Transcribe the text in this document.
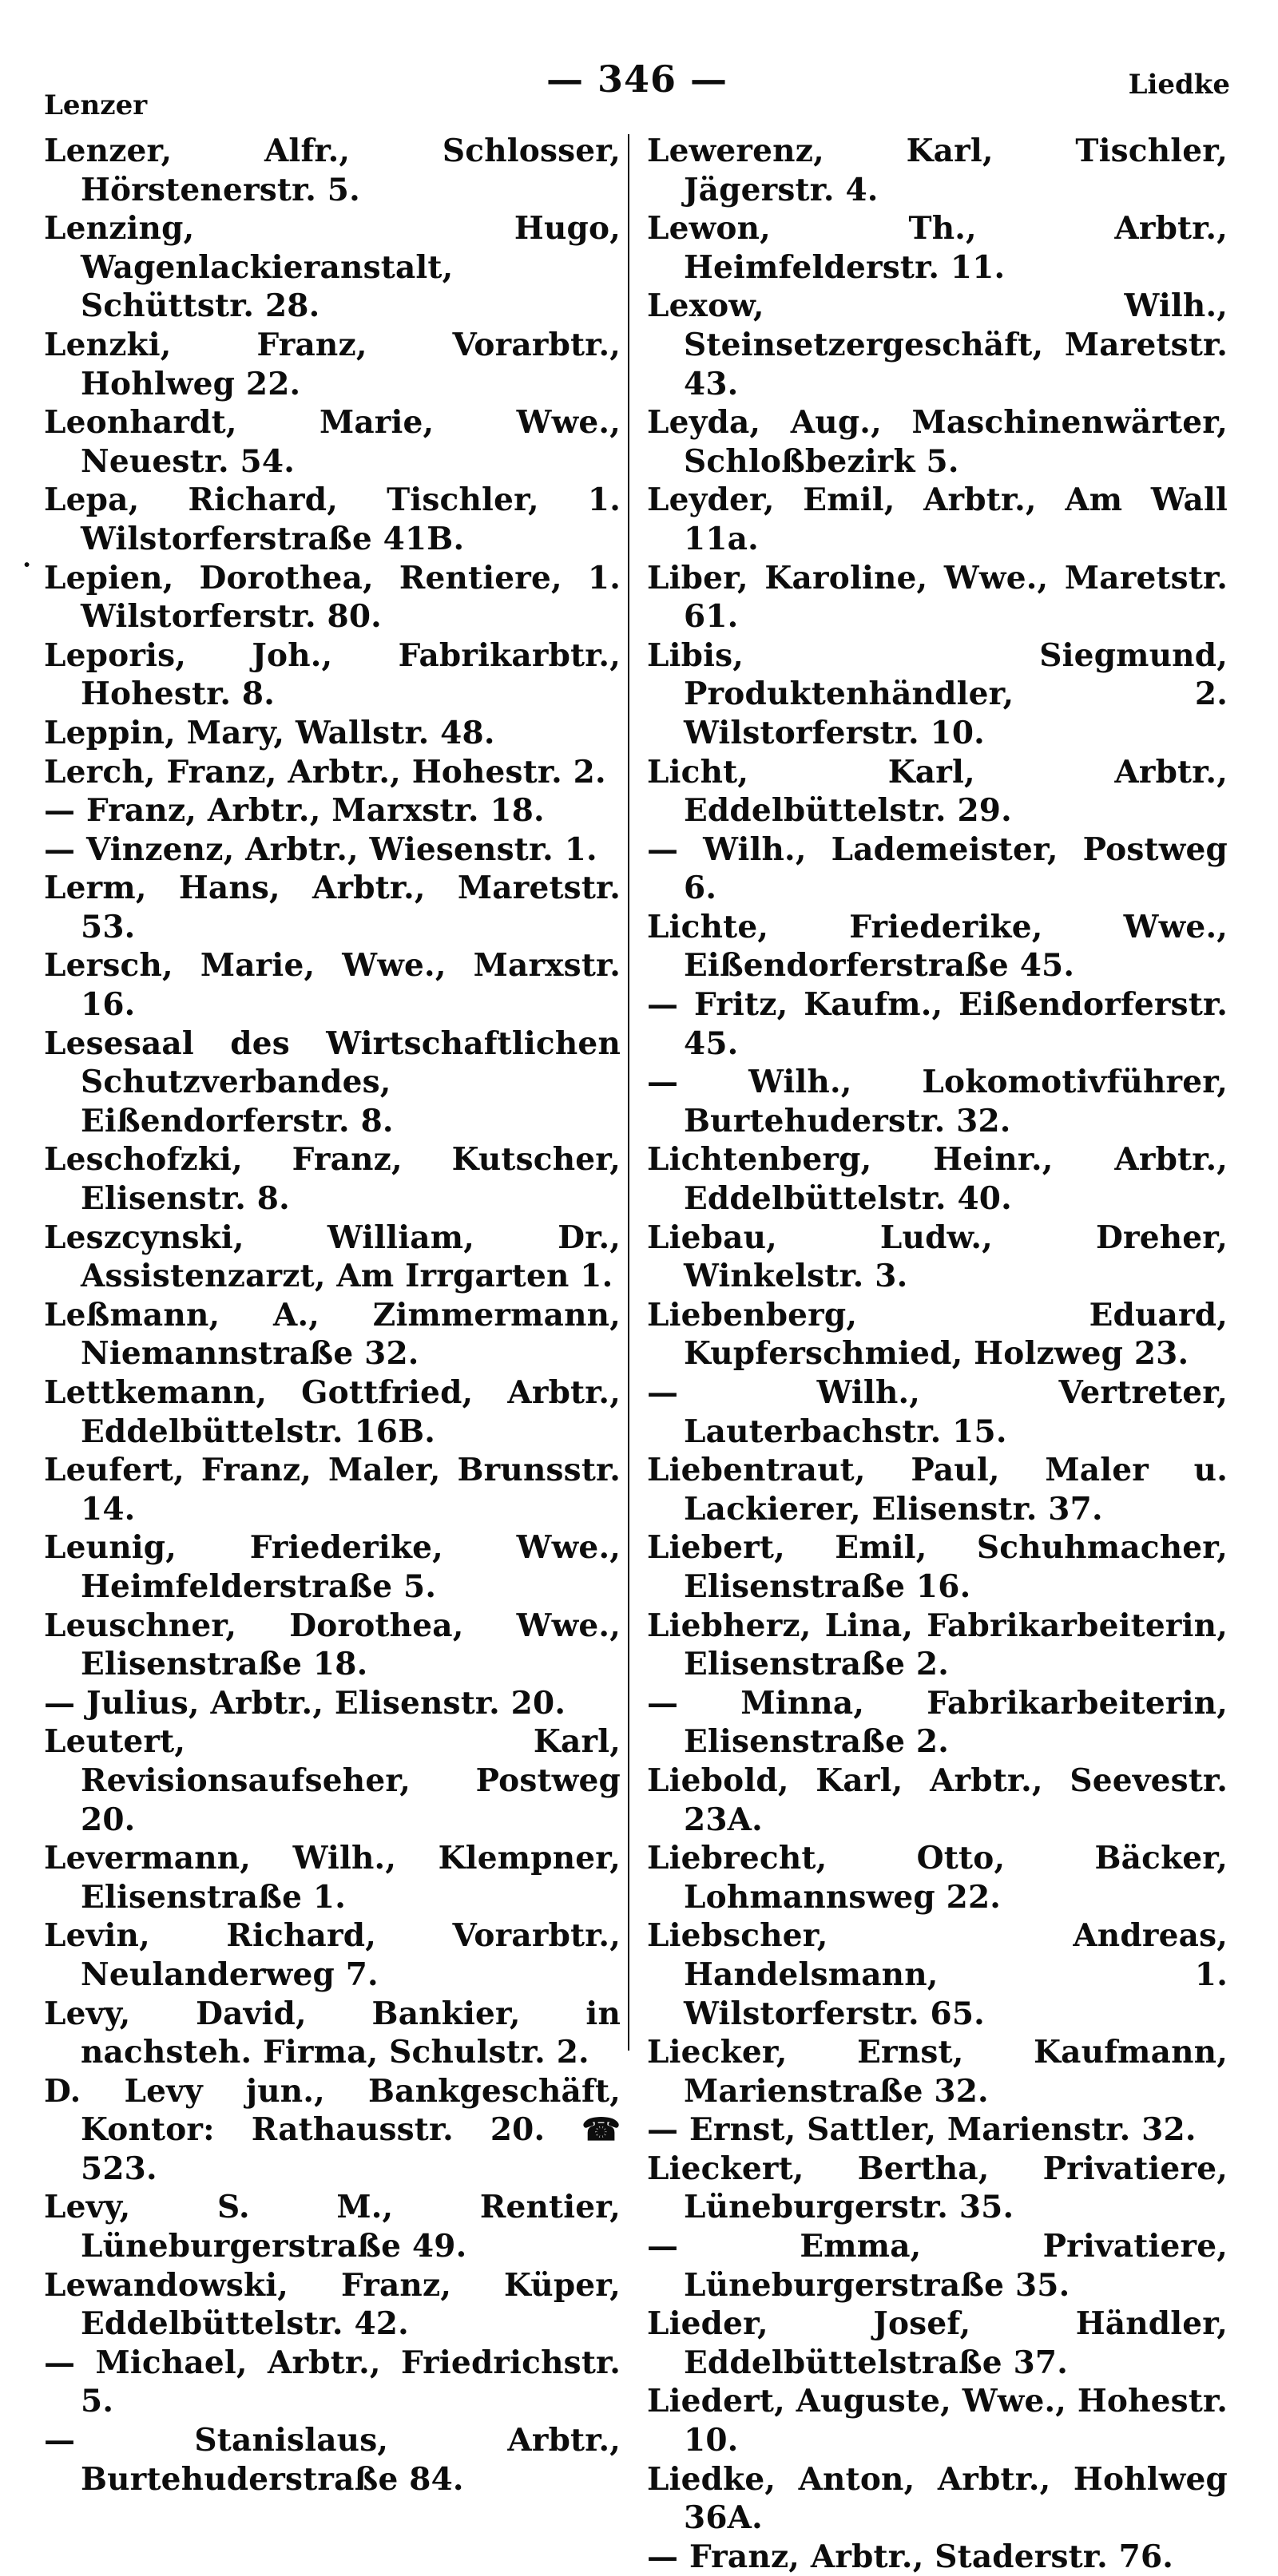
Lenzer
— 346 —	Liedke
·
Lenzer, Alfr., Schlosser, Hörstenerstr. 5.
Lenzing, Hugo, Wagenlackieranstalt, Schüttstr. 28.
Lenzki, Franz, Vorarbtr., Hohlweg 22.
Leonhardt, Marie, Wwe., Neuestr. 54.
Lepa, Richard, Tischler, 1. Wilstorferstraße 41B.
Lepien, Dorothea, Rentiere, 1. Wilstorferstr. 80.
Leporis, Joh., Fabrikarbtr., Hohestr. 8.
Leppin, Mary, Wallstr. 48.
Lerch, Franz, Arbtr., Hohestr. 2.
— Franz, Arbtr., Marxstr. 18.
— Vinzenz, Arbtr., Wiesenstr. 1.
Lerm, Hans, Arbtr., Maretstr. 53.
Lersch, Marie, Wwe., Marxstr. 16.
Lesesaal des Wirtschaftlichen Schutzverbandes, Eißendorferstr. 8.
Leschofzki, Franz, Kutscher, Elisenstr. 8.
Leszcynski, William, Dr., Assistenzarzt, Am Irrgarten 1.
Leßmann, A., Zimmermann, Niemannstraße 32.
Lettkemann, Gottfried, Arbtr., Eddelbüttelstr. 16B.
Leufert, Franz, Maler, Brunsstr. 14.
Leunig, Friederike, Wwe., Heimfelderstraße 5.
Leuschner, Dorothea, Wwe., Elisenstraße 18.
— Julius, Arbtr., Elisenstr. 20.
Leutert, Karl, Revisionsaufseher, Postweg 20.
Levermann, Wilh., Klempner, Elisenstraße 1.
Levin, Richard, Vorarbtr., Neulanderweg 7.
Levy, David, Bankier, in nachsteh. Firma, Schulstr. 2.
D. Levy jun., Bankgeschäft, Kontor: Rathausstr. 20. ☎ 523.
Levy, S. M., Rentier, Lüneburgerstraße 49.
Lewandowski, Franz, Küper, Eddelbüttelstr. 42.
— Michael, Arbtr., Friedrichstr. 5.
— Stanislaus, Arbtr., Burtehuderstraße 84.
Lewerenz, Karl, Tischler, Jägerstr. 4.
Lewon, Th., Arbtr., Heimfelderstr. 11.
Lexow, Wilh., Steinsetzergeschäft, Maretstr. 43.
Leyda, Aug., Maschinenwärter, Schloßbezirk 5.
Leyder, Emil, Arbtr., Am Wall 11a.
Liber, Karoline, Wwe., Maretstr. 61.
Libis, Siegmund, Produktenhändler, 2. Wilstorferstr. 10.
Licht, Karl, Arbtr., Eddelbüttelstr. 29.
— Wilh., Lademeister, Postweg 6.
Lichte, Friederike, Wwe., Eißendorferstraße 45.
— Fritz, Kaufm., Eißendorferstr. 45.
— Wilh., Lokomotivführer, Burtehuderstr. 32.
Lichtenberg, Heinr., Arbtr., Eddelbüttelstr. 40.
Liebau, Ludw., Dreher, Winkelstr. 3.
Liebenberg, Eduard, Kupferschmied, Holzweg 23.
— Wilh., Vertreter, Lauterbachstr. 15.
Liebentraut, Paul, Maler u. Lackierer, Elisenstr. 37.
Liebert, Emil, Schuhmacher, Elisenstraße 16.
Liebherz, Lina, Fabrikarbeiterin, Elisenstraße 2.
— Minna, Fabrikarbeiterin, Elisenstraße 2.
Liebold, Karl, Arbtr., Seevestr. 23A.
Liebrecht, Otto, Bäcker, Lohmannsweg 22.
Liebscher, Andreas, Handelsmann, 1. Wilstorferstr. 65.
Liecker, Ernst, Kaufmann, Marienstraße 32.
— Ernst, Sattler, Marienstr. 32.
Lieckert, Bertha, Privatiere, Lüneburgerstr. 35.
— Emma, Privatiere, Lüneburgerstraße 35.
Lieder, Josef, Händler, Eddelbüttelstraße 37.
Liedert, Auguste, Wwe., Hohestr. 10.
Liedke, Anton, Arbtr., Hohlweg 36A.
— Franz, Arbtr., Staderstr. 76.
